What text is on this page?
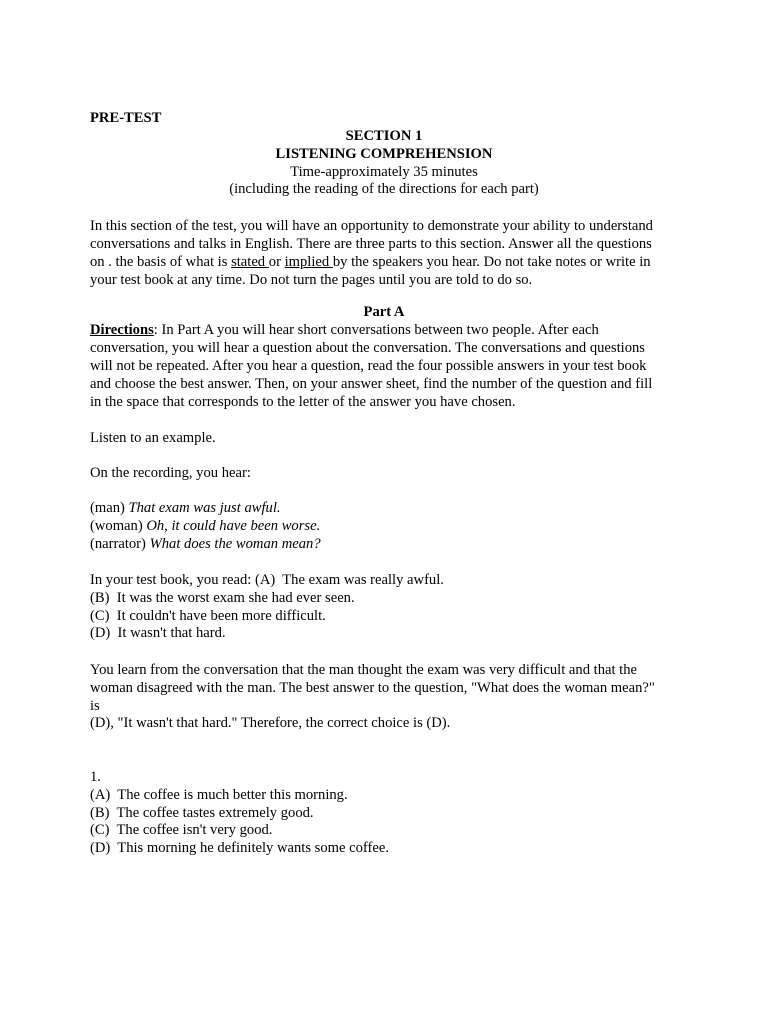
PRE-TEST
SECTION 1
LISTENING COMPREHENSION
Time-approximately 35 minutes
(including the reading of the directions for each part)
In this section of the test, you will have an opportunity to demonstrate your ability to understand
conversations and talks in English. There are three parts to this section. Answer all the questions
on . the basis of what is stated or implied by the speakers you hear. Do not take notes or write in
your test book at any time. Do not turn the pages until you are told to do so.
Part A
Directions: In Part A you will hear short conversations between two people. After each
conversation, you will hear a question about the conversation. The conversations and questions
will not be repeated. After you hear a question, read the four possible answers in your test book
and choose the best answer. Then, on your answer sheet, find the number of the question and fill
in the space that corresponds to the letter of the answer you have chosen.
Listen to an example.
On the recording, you hear:
(man) That exam was just awful.
(woman) Oh, it could have been worse.
(narrator) What does the woman mean?
In your test book, you read: (A)  The exam was really awful.
(B)  It was the worst exam she had ever seen.
(C)  It couldn't have been more difficult.
(D)  It wasn't that hard.
You learn from the conversation that the man thought the exam was very difficult and that the
woman disagreed with the man. The best answer to the question, "What does the woman mean?"
is
(D), "It wasn't that hard." Therefore, the correct choice is (D).
1.
(A)  The coffee is much better this morning.
(B)  The coffee tastes extremely good.
(C)  The coffee isn't very good.
(D)  This morning he definitely wants some coffee.
